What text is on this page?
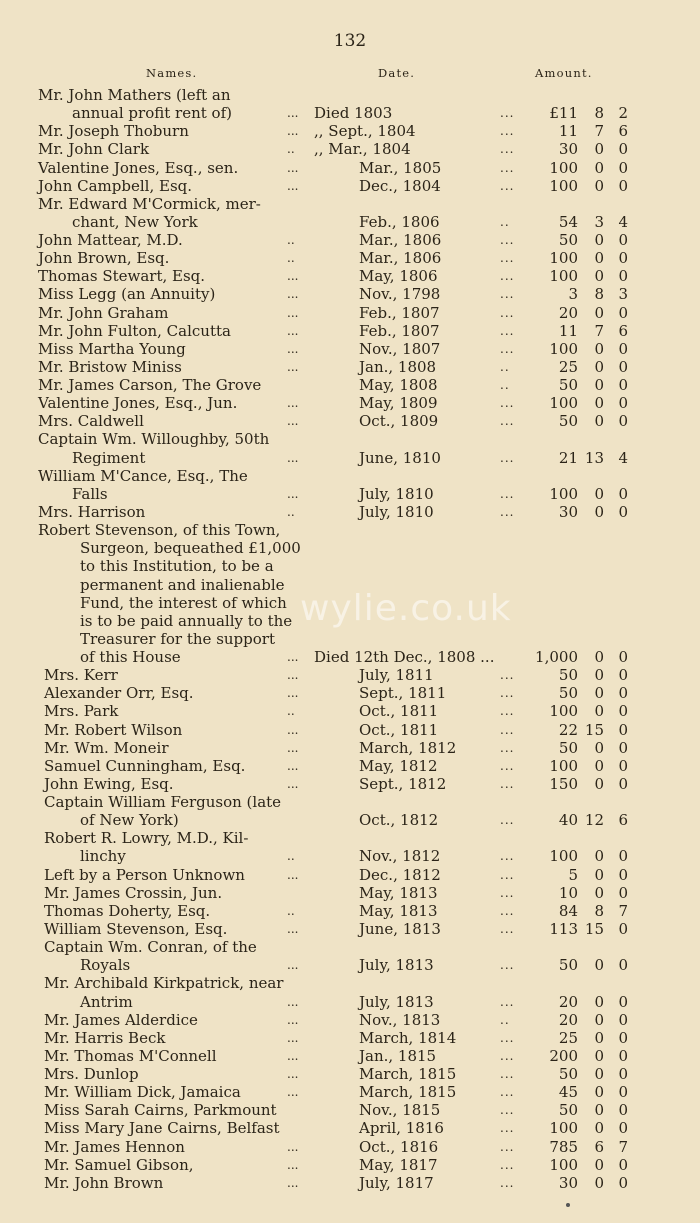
132
Names.	Date.	Amount.
Mr. John Mathers (left an
annual profit rent of)	... Died 1803	...	£11	8 2
Mr. Joseph Thoburn	... ,, Sept., 1804	...	11	7 6
Mr. John Clark	.. ,, Mar., 1804	...	30	0 0
Valentine Jones, Esq., sen.	...	Mar., 1805	...	100	0 0
John Campbell, Esq.	...	Dec., 1804	...	100	0 0
Mr. Edward M'Cormick, mer-
chant, New York	Feb., 1806	..	54	3 4
John Mattear, M.D.	..	Mar., 1806	...	50	0 0
John Brown, Esq.	..	Mar., 1806	...	100	0 0
Thomas Stewart, Esq.	...	May, 1806	...	100	0 0
Miss Legg (an Annuity)	...	Nov., 1798	...	3	8 3
Mr. John Graham	...	Feb., 1807	...	20	0 0
Mr. John Fulton, Calcutta	...	Feb., 1807	...	11	7 6
Miss Martha Young	...	Nov., 1807	...	100	0 0
Mr. Bristow Miniss	...	Jan., 1808	..	25	0 0
Mr. James Carson, The Grove	May, 1808	..	50	0 0
Valentine Jones, Esq., Jun.	...	May, 1809	...	100	0 0
Mrs. Caldwell	...	Oct., 1809	...	50	0 0
Captain Wm. Willoughby, 50th
Regiment	...	June, 1810	...	21 13 4
William M'Cance, Esq., The
Falls	...	July, 1810	...	100	0 0
Mrs. Harrison	..	July, 1810	...	30	0 0
Robert Stevenson, of this Town,
Surgeon, bequeathed £1,000
to this Institution, to be a
permanent and inalienable
Fund, the interest of which
is to be paid annually to the
Treasurer for the support
of this House	... Died 12th Dec., 1808 ...	1,000	0 0
Mrs. Kerr	...	July, 1811	...	50	0 0
Alexander Orr, Esq.	...	Sept., 1811	...	50	0 0
Mrs. Park	..	Oct., 1811	...	100	0 0
Mr. Robert Wilson	...	Oct., 1811	...	22 15 0
Mr. Wm. Moneir	...	March, 1812	...	50	0 0
Samuel Cunningham, Esq.	...	May, 1812	...	100	0 0
John Ewing, Esq.	...	Sept., 1812	...	150	0 0
Captain William Ferguson (late
of New York)	Oct., 1812	...	40 12 6
Robert R. Lowry, M.D., Kil-
linchy	..	Nov., 1812	...	100	0 0
Left by a Person Unknown	...	Dec., 1812	...	5	0 0
Mr. James Crossin, Jun.	May, 1813	...	10	0 0
Thomas Doherty, Esq.	..	May, 1813	...	84	8 7
William Stevenson, Esq.	...	June, 1813	...	113 15 0
Captain Wm. Conran, of the
Royals	...	July, 1813	...	50	0 0
Mr. Archibald Kirkpatrick, near
Antrim	...	July, 1813	...	20	0 0
Mr. James Alderdice	...	Nov., 1813	..	20	0 0
Mr. Harris Beck	...	March, 1814	...	25	0 0
Mr. Thomas M'Connell	...	Jan., 1815	...	200	0 0
Mrs. Dunlop	...	March, 1815	...	50	0 0
Mr. William Dick, Jamaica	...	March, 1815	...	45	0 0
Miss Sarah Cairns, Parkmount	Nov., 1815	...	50	0 0
Miss Mary Jane Cairns, Belfast	April, 1816	...	100	0 0
Mr. James Hennon	...	Oct., 1816	...	785	6 7
Mr. Samuel Gibson,	...	May, 1817	...	100	0 0
Mr. John Brown	...	July, 1817	...	30	0 0
wylie.co.uk
